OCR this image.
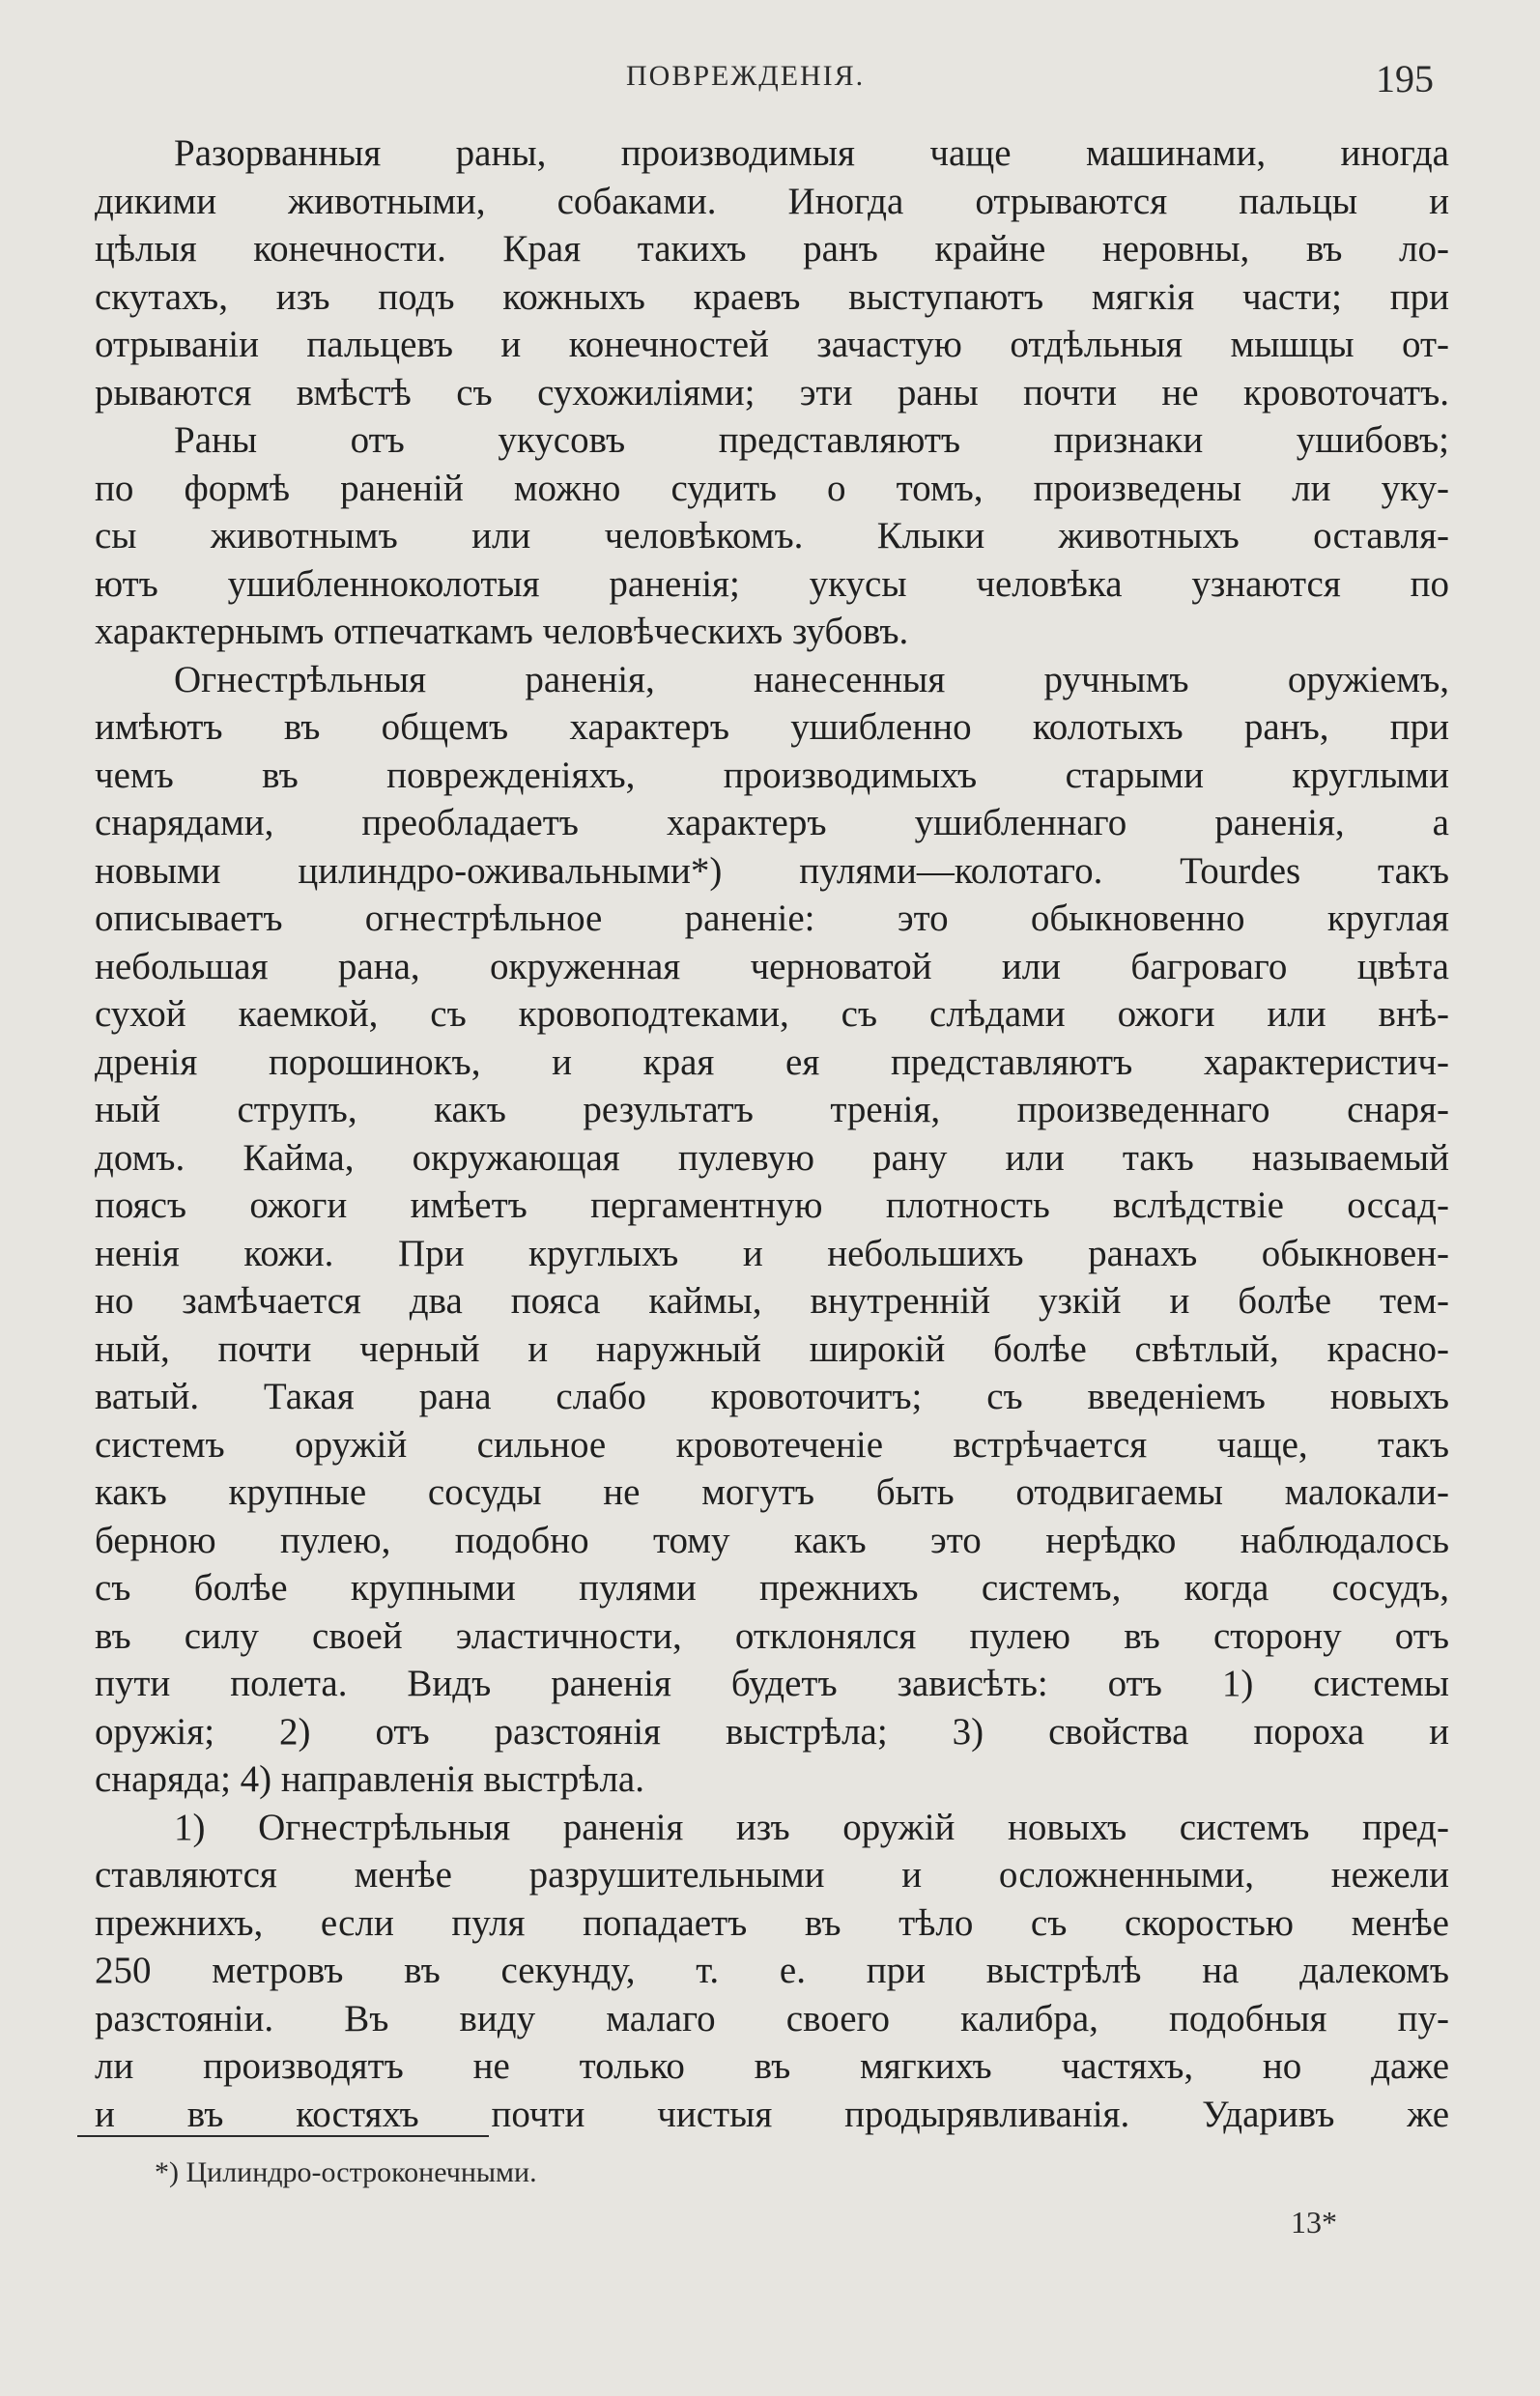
ПОВРЕЖДЕНІЯ.	195
Разорванныя раны, производимыя чаще машинами, иногда
дикими животными, собаками. Иногда отрываются пальцы и
цѣлыя конечности. Края такихъ ранъ крайне неровны, въ ло-
скутахъ, изъ подъ кожныхъ краевъ выступаютъ мягкія части; при
отрываніи пальцевъ и конечностей зачастую отдѣльныя мышцы от-
рываются вмѣстѣ съ сухожиліями; эти раны почти не кровоточатъ.
Раны отъ укусовъ представляютъ признаки ушибовъ;
по формѣ раненій можно судить о томъ, произведены ли уку-
сы животнымъ или человѣкомъ. Клыки животныхъ оставля-
ютъ ушибленноколотыя раненія; укусы человѣка узнаются по
характернымъ отпечаткамъ человѣческихъ зубовъ.
Огнестрѣльныя раненія, нанесенныя ручнымъ оружіемъ,
имѣютъ въ общемъ характеръ ушибленно колотыхъ ранъ, при
чемъ въ поврежденіяхъ, производимыхъ старыми круглыми
снарядами, преобладаетъ характеръ ушибленнаго раненія, а
новыми цилиндро-оживальными*) пулями—колотаго. Tourdes такъ
описываетъ огнестрѣльное раненіе: это обыкновенно круглая
небольшая рана, окруженная черноватой или багроваго цвѣта
сухой каемкой, съ кровоподтеками, съ слѣдами ожоги или внѣ-
дренія порошинокъ, и края ея представляютъ характеристич-
ный струпъ, какъ результатъ тренія, произведеннаго снаря-
домъ. Кайма, окружающая пулевую рану или такъ называемый
поясъ ожоги имѣетъ пергаментную плотность вслѣдствіе оссад-
ненія кожи. При круглыхъ и небольшихъ ранахъ обыкновен-
но замѣчается два пояса каймы, внутренній узкій и болѣе тем-
ный, почти черный и наружный широкій болѣе свѣтлый, красно-
ватый. Такая рана слабо кровоточитъ; съ введеніемъ новыхъ
системъ оружій сильное кровотеченіе встрѣчается чаще, такъ
какъ крупные сосуды не могутъ быть отодвигаемы малокали-
берною пулею, подобно тому какъ это нерѣдко наблюдалось
съ болѣе крупными пулями прежнихъ системъ, когда сосудъ,
въ силу своей эластичности, отклонялся пулею въ сторону отъ
пути полета. Видъ раненія будетъ зависѣть: отъ 1) системы
оружія; 2) отъ разстоянія выстрѣла; 3) свойства пороха и
снаряда; 4) направленія выстрѣла.
1) Огнестрѣльныя раненія изъ оружій новыхъ системъ пред-
ставляются менѣе разрушительными и осложненными, нежели
прежнихъ, если пуля попадаетъ въ тѣло съ скоростью менѣе
250 метровъ въ секунду, т. е. при выстрѣлѣ на далекомъ
разстояніи. Въ виду малаго своего калибра, подобныя пу-
ли производятъ не только въ мягкихъ частяхъ, но даже
и въ костяхъ почти чистыя продырявливанія. Ударивъ же
*) Цилиндро-остроконечными.
13*
